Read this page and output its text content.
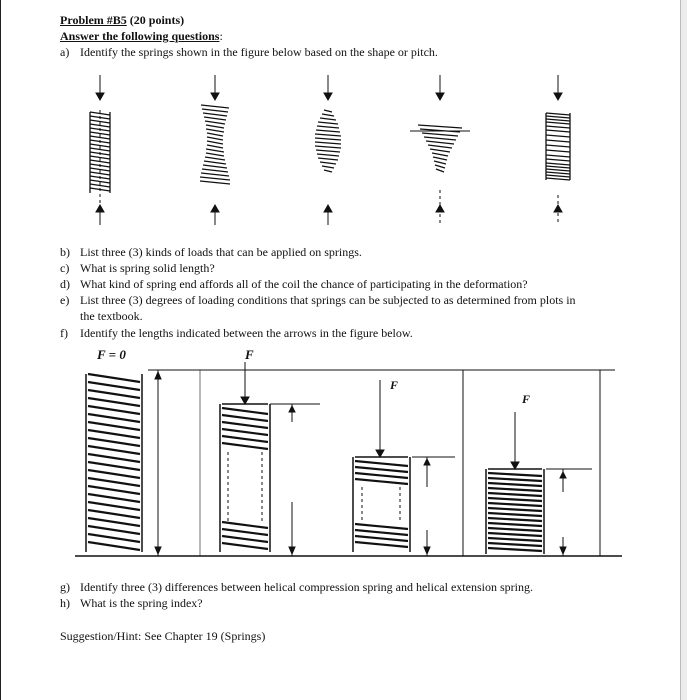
Problem #B5 (20 points)
Answer the following questions:
a) Identify the springs shown in the figure below based on the shape or pitch.
b) List three (3) kinds of loads that can be applied on springs.
c) What is spring solid length?
d) What kind of spring end affords all of the coil the chance of participating in the deformation?
e) List three (3) degrees of loading conditions that springs can be subjected to as determined from plots in
the textbook.
f) Identify the lengths indicated between the arrows in the figure below.
F = 0	F
F
F
g) Identify three (3) differences between helical compression spring and helical extension spring.
h) What is the spring index?
Suggestion/Hint: See Chapter 19 (Springs)
